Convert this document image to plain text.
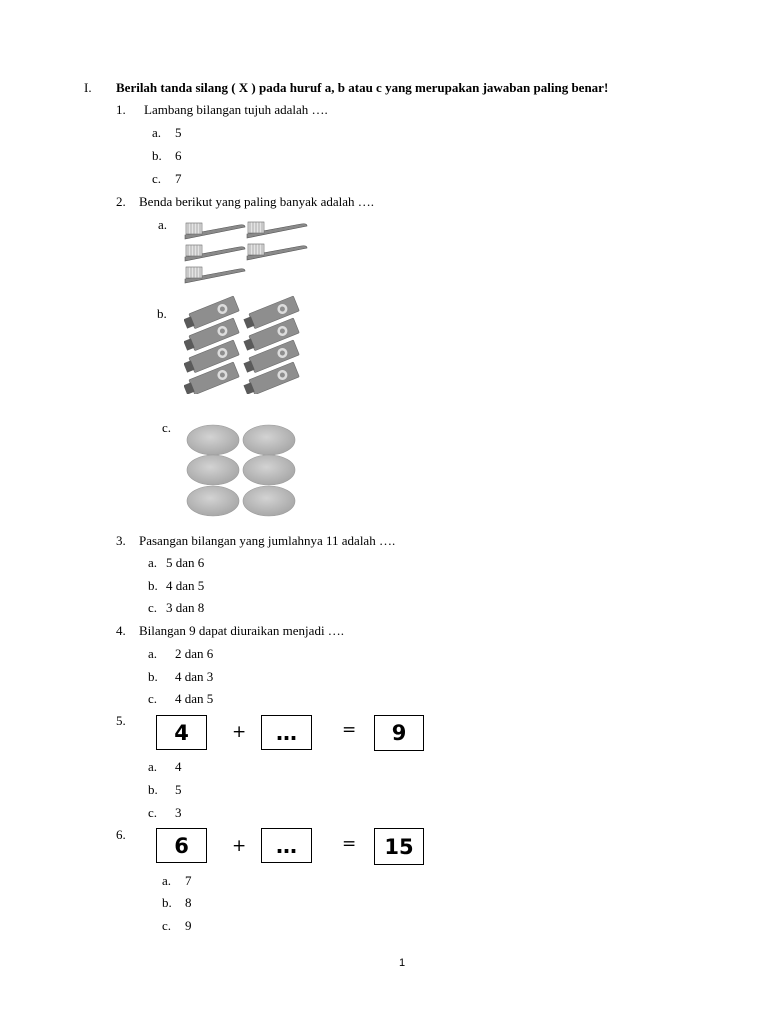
I. Berilah tanda silang ( X ) pada huruf a, b atau c yang merupakan jawaban paling benar!
1. Lambang bilangan tujuh adalah ….
a. 5
b. 6
c. 7
2. Benda berikut yang paling banyak adalah ….
a.
b.
c.
3. Pasangan bilangan yang jumlahnya 11 adalah ….
a. 5 dan 6
b. 4 dan 5
c. 3 dan 8
4. Bilangan 9 dapat diuraikan menjadi ….
a. 2 dan 6
b. 4 dan 3
c. 4 dan 5
5.	4	+	…	=	9
a. 4
b. 5
c. 3
6.	6	+	…	=	15
a. 7
b. 8
c. 9
1
